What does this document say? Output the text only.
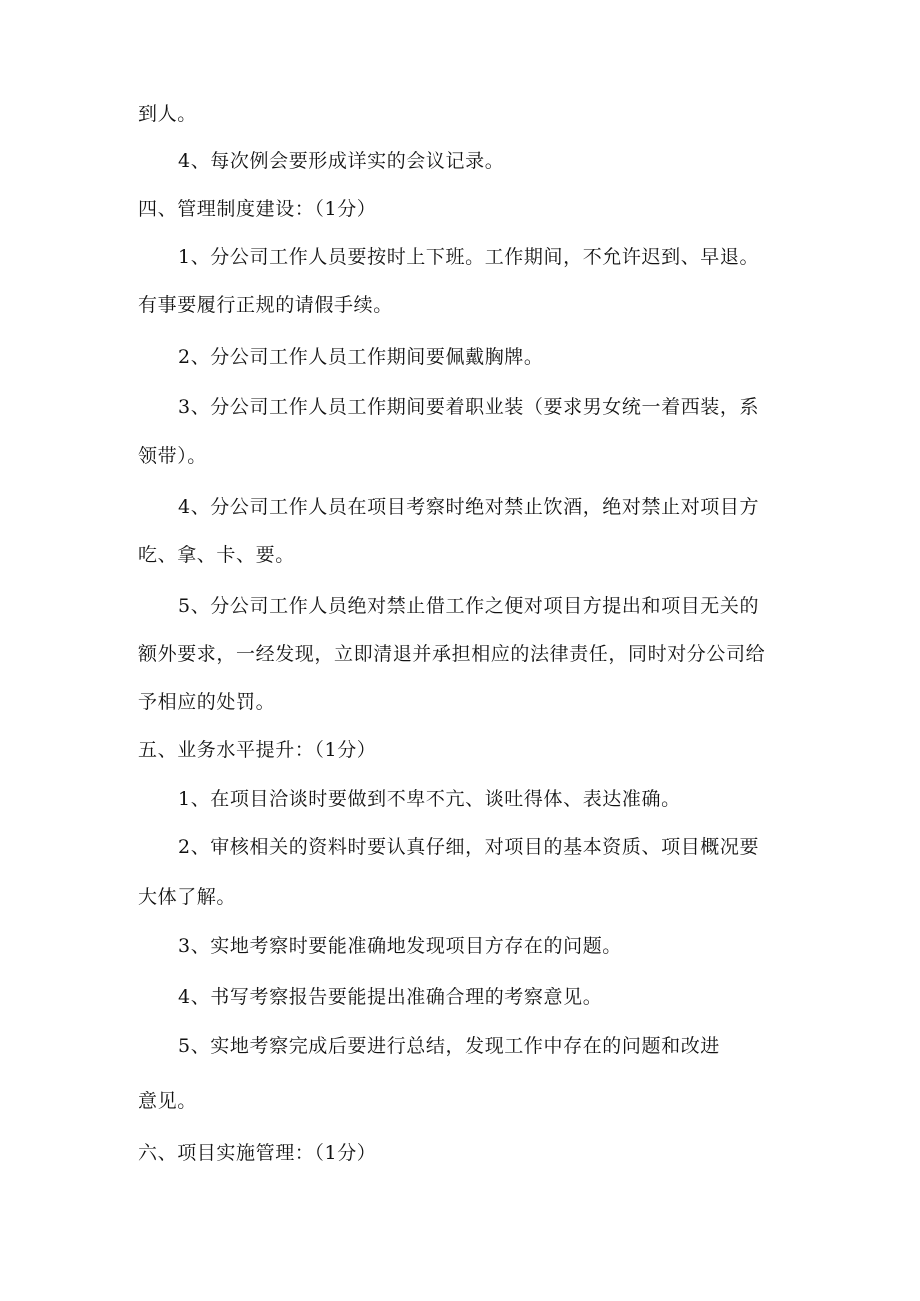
到人。
4、每次例会要形成详实的会议记录。
四、管理制度建设：（1分）
1、分公司工作人员要按时上下班。工作期间，不允许迟到、早退。
有事要履行正规的请假手续。
2、分公司工作人员工作期间要佩戴胸牌。
3、分公司工作人员工作期间要着职业装（要求男女统一着西装，系
领带）。
4、分公司工作人员在项目考察时绝对禁止饮酒，绝对禁止对项目方
吃、拿、卡、要。
5、分公司工作人员绝对禁止借工作之便对项目方提出和项目无关的
额外要求，一经发现，立即清退并承担相应的法律责任，同时对分公司给
予相应的处罚。
五、业务水平提升：（1分）
1、在项目洽谈时要做到不卑不亢、谈吐得体、表达准确。
2、审核相关的资料时要认真仔细，对项目的基本资质、项目概况要
大体了解。
3、实地考察时要能准确地发现项目方存在的问题。
4、书写考察报告要能提出准确合理的考察意见。
5、实地考察完成后要进行总结，发现工作中存在的问题和改进
意见。
六、项目实施管理：（1分）
